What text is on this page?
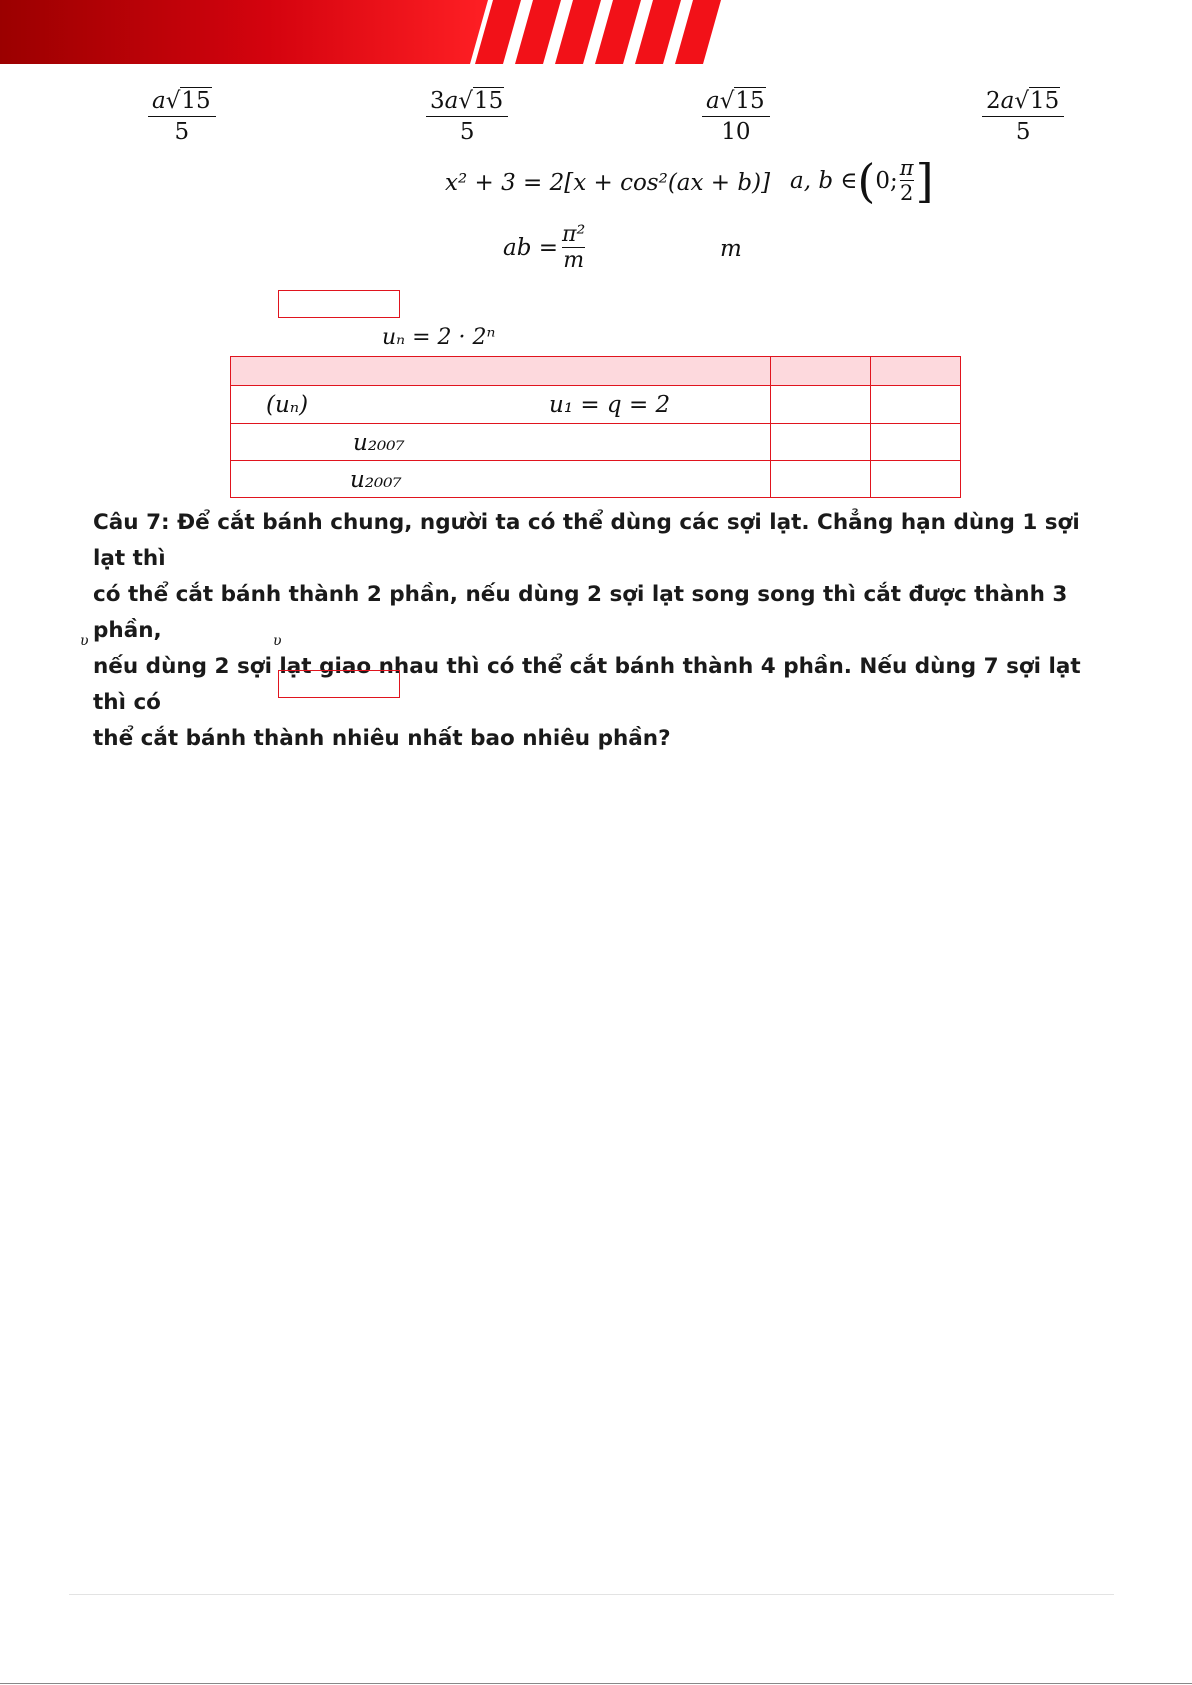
a√15
5
3a√15
5
a√15
10
2a√15
5
x² + 3 = 2[x + cos²(ax + b)] a, b ∈ ( 0; π
2 ]
ab = π²
m	m
uₙ = 2 · 2ⁿ

(uₙ) u₁ = q = 2		

u₂₀₀₇		

u₂₀₀₇		

Câu 7: Để cắt bánh chung, người ta có thể dùng các sợi lạt. Chẳng hạn dùng 1 sợi lạt thì
có thể cắt bánh thành 2 phần, nếu dùng 2 sợi lạt song song thì cắt được thành 3 phần,
nếu dùng 2 sợi lạt giao nhau thì có thể cắt bánh thành 4 phần. Nếu dùng 7 sợi lạt thì có
thể cắt bánh thành nhiêu nhất bao nhiêu phần?
υ	υ
